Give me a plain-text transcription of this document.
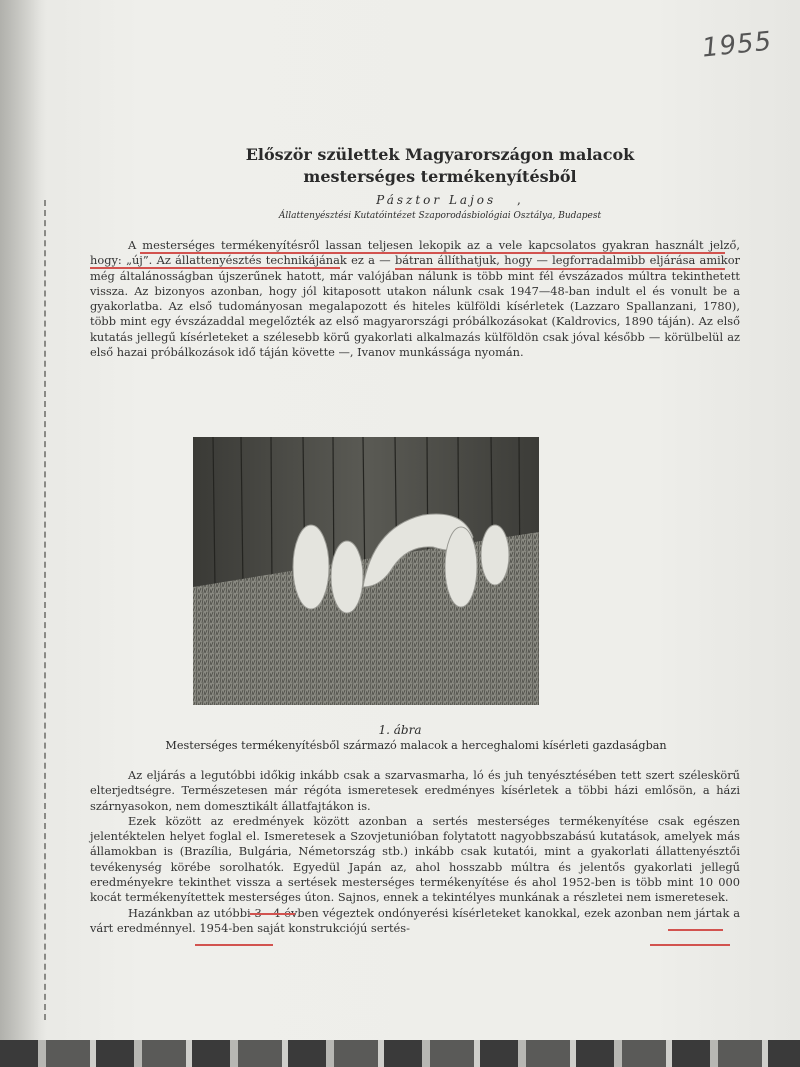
1955
Először születtek Magyarországon malacok
mesterséges termékenyítésből
Pásztor Lajos ,
Állattenyésztési Kutatóintézet Szaporodásbiológiai Osztálya, Budapest

A mesterséges termékenyítésről lassan teljesen lekopik az a vele kapcsolatos gyakran használt jelző, hogy: „új”. Az állattenyésztés technikájának ez a — bátran állíthatjuk, hogy — legforradalmibb eljárása amikor még általánosságban újszerűnek hatott, már valójában nálunk is több mint fél évszázados múltra tekinthetett vissza. Az bizonyos azonban, hogy jól kitaposott utakon nálunk csak 1947—48-ban indult el és vonult be a gyakorlatba. Az első tudományosan megalapozott és hiteles külföldi kísérletek (Lazzaro Spallanzani, 1780), több mint egy évszázaddal megelőzték az első magyarországi próbálkozásokat (Kaldrovics, 1890 táján). Az első kutatás jellegű kísérleteket a szélesebb körű gyakorlati alkalmazás külföldön csak jóval később — körülbelül az első hazai próbálkozások idő táján követte —, Ivanov munkássága nyomán.

1. ábra
Mesterséges termékenyítésből származó malacok a herceghalomi kísérleti gazdaságban

Az eljárás a legutóbbi időkig inkább csak a szarvasmarha, ló és juh tenyésztésében tett szert széleskörű elterjedtségre. Természetesen már régóta ismeretesek eredményes kísérletek a többi házi emlősön, a házi szárnyasokon, nem domesztikált állatfajtákon is.

Ezek között az eredmények között azonban a sertés mesterséges termékenyítése csak egészen jelentéktelen helyet foglal el. Ismeretesek a Szovjetunióban folytatott nagyobbszabású kutatások, amelyek más államokban is (Brazília, Bulgária, Németország stb.) inkább csak kutatói, mint a gyakorlati állattenyésztői tevékenység körébe sorolhatók. Egyedül Japán az, ahol hosszabb múltra és jelentős gyakorlati jellegű eredményekre tekinthet vissza a sertések mesterséges termékenyítése és ahol 1952-ben is több mint 10 000 kocát termékenyítettek mesterséges úton. Sajnos, ennek a tekintélyes munkának a részletei nem ismeretesek.

Hazánkban az utóbbi 3—4 évben végeztek ondónyerési kísérleteket kanokkal, ezek azonban nem jártak a várt eredménnyel. 1954-ben saját konstrukciójú sertés-
